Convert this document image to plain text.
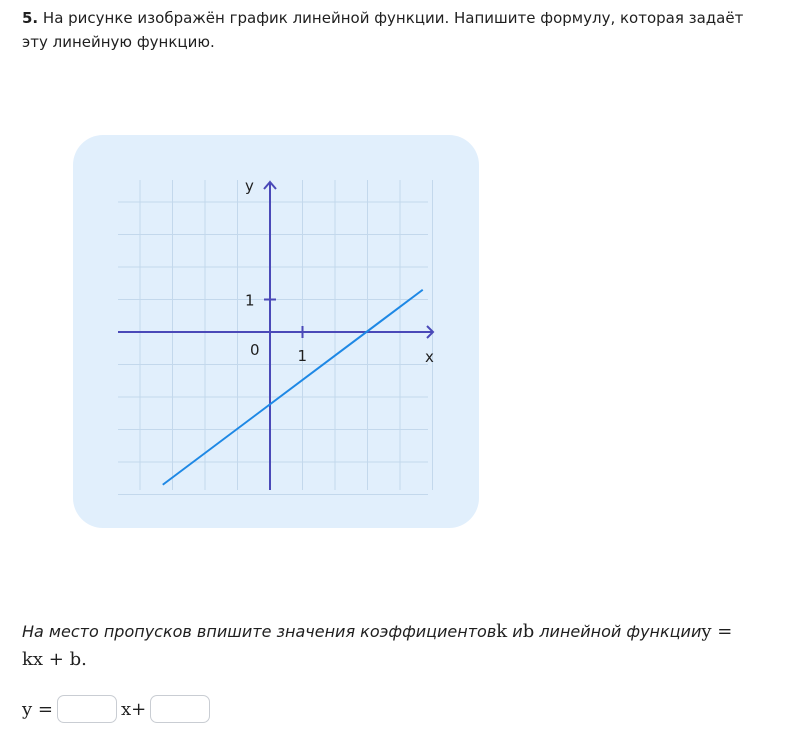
5. На рисунке изображён график линейной функции. Напишите формулу, которая задаёт эту линейную функцию.
y
x
0	1
1
На место пропусков впишите значения коэффициентовk иb линейной функцииy =
kx + b.
y =	x+
